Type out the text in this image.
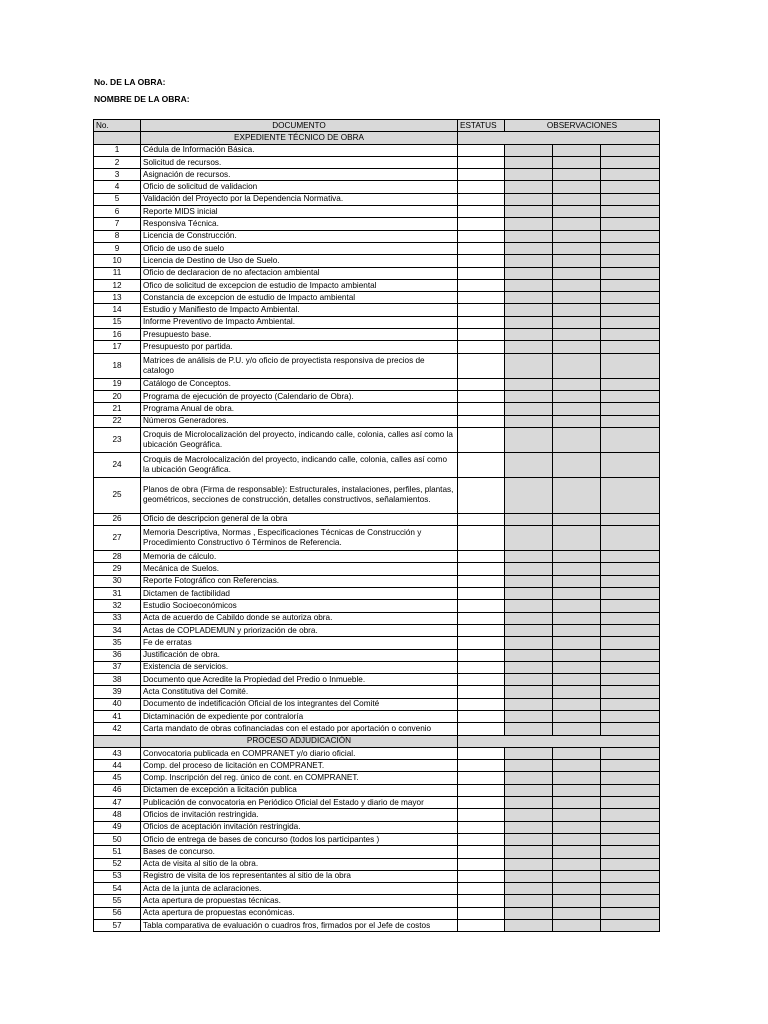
No. DE LA OBRA:
NOMBRE DE LA OBRA:
No.	DOCUMENTO	ESTATUS	OBSERVACIONES		
	EXPEDIENTE TÉCNICO DE OBRA				
1	Cédula de Información Básica.				
2	Solicitud de recursos.				
3	Asignación de recursos.				
4	Oficio de solicitud de validacion				
5	Validación del Proyecto por la Dependencia Normativa.				
6	Reporte MIDS inicial				
7	Responsiva Técnica.				
8	Licencia de Construcción.				
9	Oficio de uso de suelo				
10	Licencia de Destino de Uso de Suelo.				
11	Oficio de declaracion de no afectacion ambiental				
12	Ofico de solicitud de excepcion de estudio de Impacto ambiental				
13	Constancia de excepcion de estudio de Impacto ambiental				
14	Estudio y Manifiesto de Impacto Ambiental.				
15	Informe Preventivo de Impacto Ambiental.				
16	Presupuesto base.				
17	Presupuesto por partida.				
18	Matrices de análisis de P.U. y/o oficio de proyectista responsiva de precios de catalogo				
19	Catálogo de Conceptos.				
20	Programa de ejecución de proyecto (Calendario de Obra).				
21	Programa Anual de obra.				
22	Números Generadores.				
23	Croquis de Microlocalización del proyecto, indicando calle, colonia, calles así como la ubicación Geográfica.				
24	Croquis de Macrolocalización del proyecto, indicando calle, colonia, calles así como la ubicación Geográfica.				
25	Planos de obra (Firma de responsable): Estructurales, instalaciones, perfiles, plantas, geométricos, secciones de construcción, detalles constructivos, señalamientos.				
26	Oficio de descripcion general de la obra				
27	Memoria Descriptiva, Normas , Especificaciones Técnicas de Construcción y Procedimiento Constructivo ó Términos de Referencia.				
28	Memoria de cálculo.				
29	Mecánica de Suelos.				
30	Reporte Fotográfico con Referencias.				
31	Dictamen de factibilidad				
32	Estudio Socioeconómicos				
33	Acta de acuerdo de Cabildo donde se autoriza obra.				
34	Actas de COPLADEMUN y priorización de obra.				
35	Fe de erratas				
36	Justificación de obra.				
37	Existencia de servicios.				
38	Documento que Acredite la Propiedad del Predio o Inmueble.				
39	Acta Constitutiva del Comité.				
40	Documento de indetificación Oficial de los integrantes del Comité				
41	Dictaminación de expediente por contraloría				
42	Carta mandato de obras cofinanciadas con el estado por aportación o convenio				
	PROCESO ADJUDICACIÓN				
43	Convocatoria publicada en COMPRANET y/o diario oficial.				
44	Comp. del proceso de licitación en COMPRANET.				
45	Comp. Inscripción del reg. único de cont. en COMPRANET.				
46	Dictamen de excepción a licitación publica				
47	Publicación de convocatoria en Periódico Oficial del Estado y diario de mayor				
48	Oficios de invitación restringida.				
49	Oficios de aceptación invitación restringida.				
50	Oficio de entrega de bases de concurso (todos los participantes )				
51	Bases de concurso.				
52	Acta de visita al sitio de la obra.				
53	Registro de visita de los representantes al sitio de la obra				
54	Acta de la junta de aclaraciones.				
55	Acta apertura de propuestas técnicas.				
56	Acta apertura de propuestas económicas.				
57	Tabla comparativa de evaluación o cuadros fros, firmados por el Jefe de costos				
